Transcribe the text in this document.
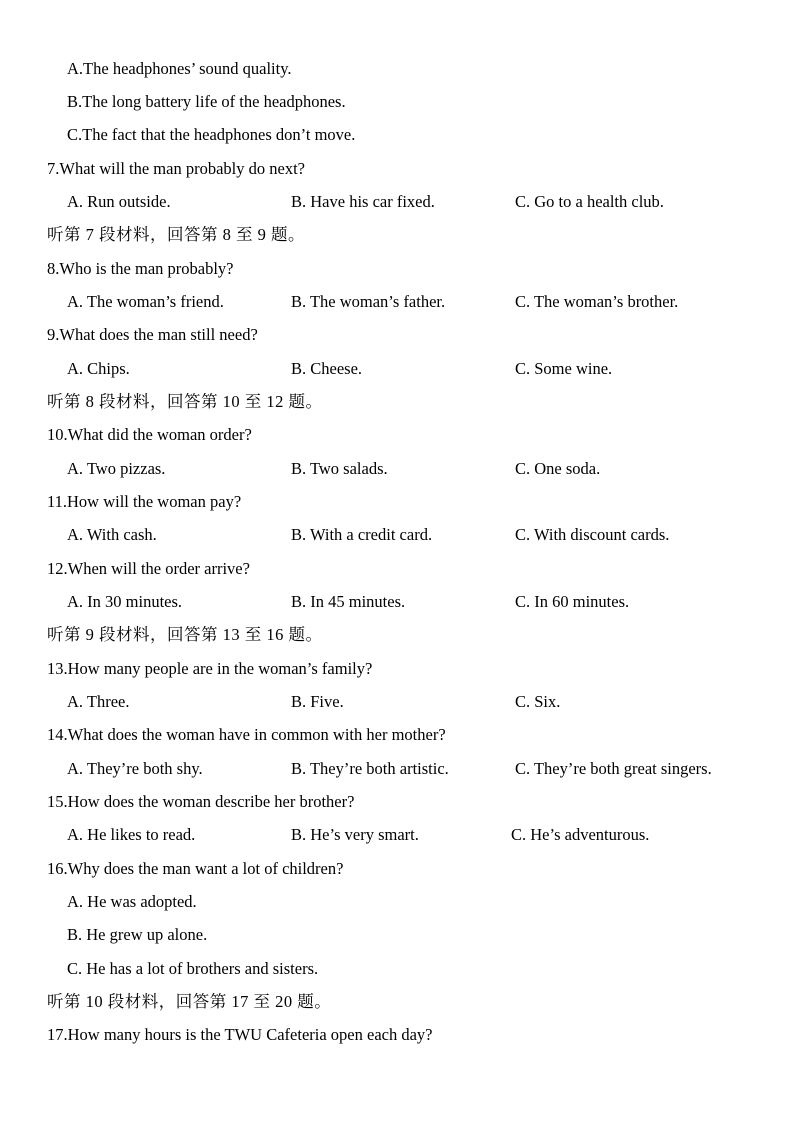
A.The headphones’ sound quality.
B.The long battery life of the headphones.
C.The fact that the headphones don’t move.
7.What will the man probably do next?
A. Run outside.	B. Have his car fixed.	C. Go to a health club.
听第 7 段材料，回答第 8 至 9 题。
8.Who is the man probably?
A. The woman’s friend.	B. The woman’s father.	C. The woman’s brother.
9.What does the man still need?
A. Chips.	B. Cheese.	C. Some wine.
听第 8 段材料，回答第 10 至 12 题。
10.What did the woman order?
A. Two pizzas.	B. Two salads.	C. One soda.
11.How will the woman pay?
A. With cash.	B. With a credit card.	C. With discount cards.
12.When will the order arrive?
A. In 30 minutes.	B. In 45 minutes.	C. In 60 minutes.
听第 9 段材料，回答第 13 至 16 题。
13.How many people are in the woman’s family?
A. Three.	B. Five.	C. Six.
14.What does the woman have in common with her mother?
A. They’re both shy.	B. They’re both artistic.	C. They’re both great singers.
15.How does the woman describe her brother?
A. He likes to read.	B. He’s very smart.	C. He’s adventurous.
16.Why does the man want a lot of children?
A. He was adopted.
B. He grew up alone.
C. He has a lot of brothers and sisters.
听第 10 段材料，回答第 17 至 20 题。
17.How many hours is the TWU Cafeteria open each day?
